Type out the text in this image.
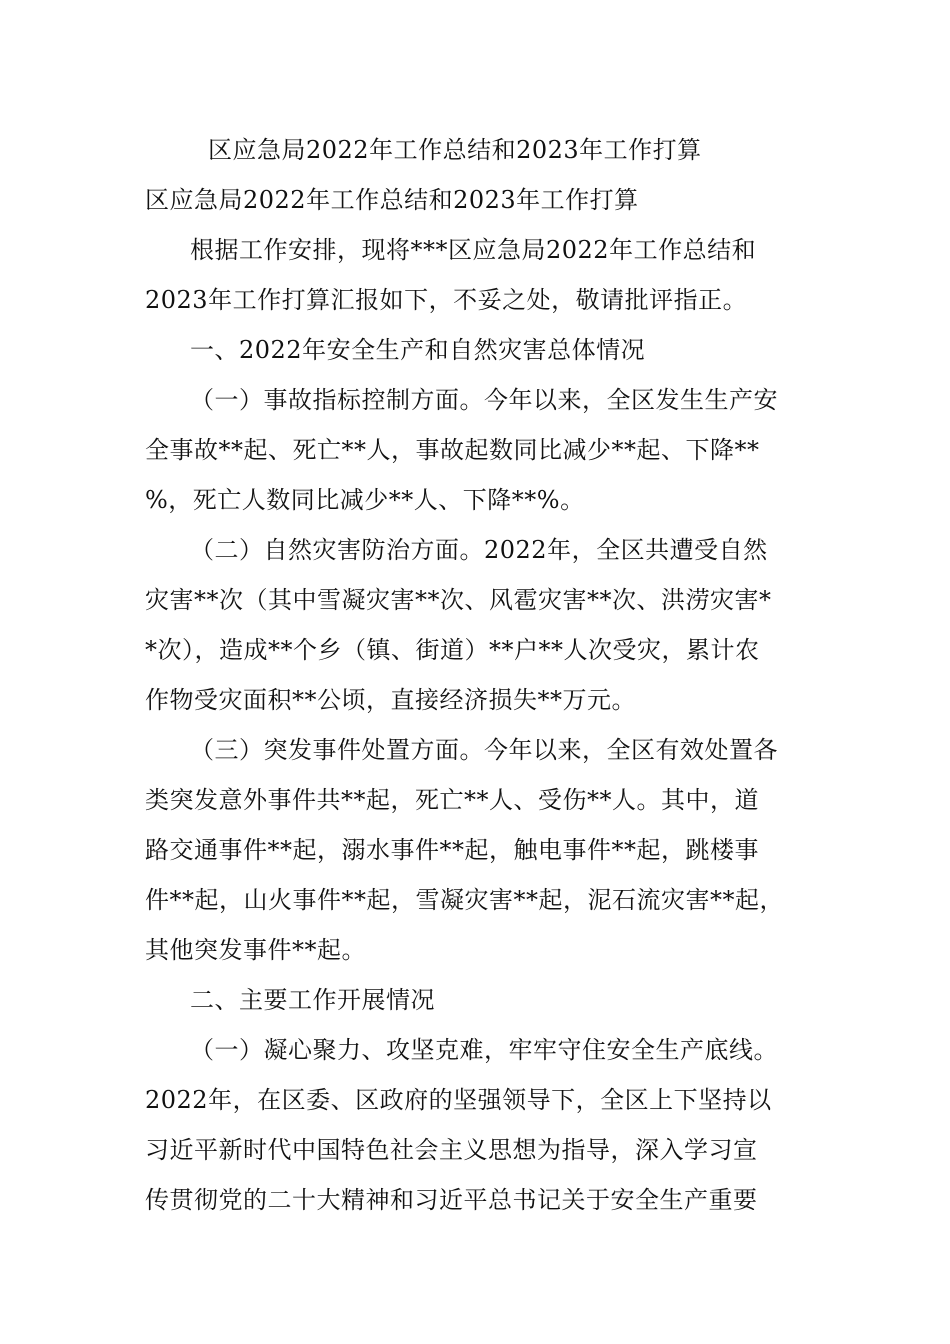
区应急局2022年工作总结和2023年工作打算
区应急局2022年工作总结和2023年工作打算
根据工作安排，现将***区应急局2022年工作总结和
2023年工作打算汇报如下，不妥之处，敬请批评指正。
一、2022年安全生产和自然灾害总体情况
（一）事故指标控制方面。今年以来，全区发生生产安
全事故**起、死亡**人，事故起数同比减少**起、下降**
%，死亡人数同比减少**人、下降**%。
（二）自然灾害防治方面。2022年，全区共遭受自然
灾害**次（其中雪凝灾害**次、风雹灾害**次、洪涝灾害*
*次），造成**个乡（镇、街道）**户**人次受灾，累计农
作物受灾面积**公顷，直接经济损失**万元。
（三）突发事件处置方面。今年以来，全区有效处置各
类突发意外事件共**起，死亡**人、受伤**人。其中，道
路交通事件**起，溺水事件**起，触电事件**起，跳楼事
件**起，山火事件**起，雪凝灾害**起，泥石流灾害**起，
其他突发事件**起。
二、主要工作开展情况
（一）凝心聚力、攻坚克难，牢牢守住安全生产底线。
2022年，在区委、区政府的坚强领导下，全区上下坚持以
习近平新时代中国特色社会主义思想为指导，深入学习宣
传贯彻党的二十大精神和习近平总书记关于安全生产重要
